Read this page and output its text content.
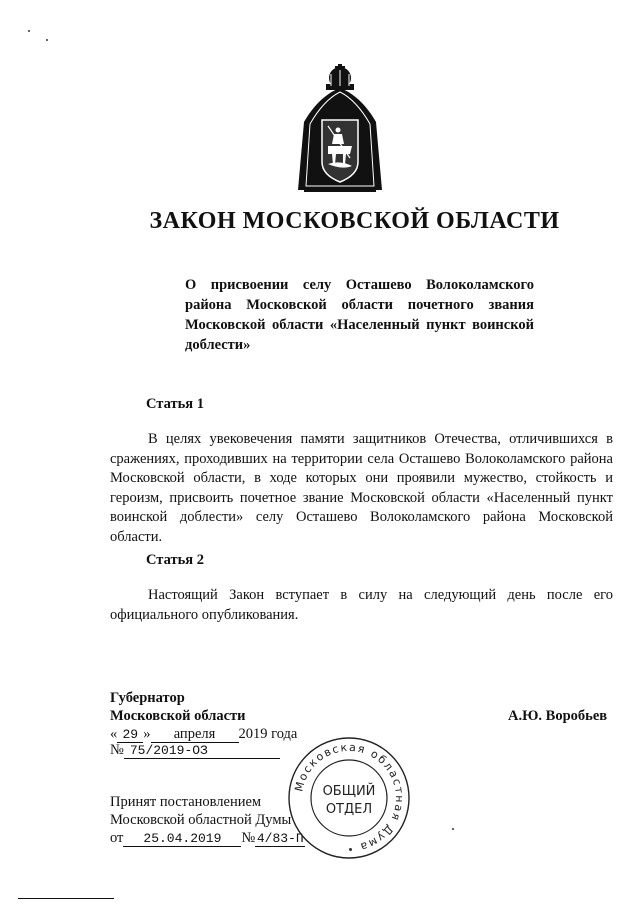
ЗАКОН МОСКОВСКОЙ ОБЛАСТИ
О присвоении селу Осташево Волоколамского района Московской области почетного звания Московской области «Населенный пункт воинской доблести»
Статья 1
В целях увековечения памяти защитников Отечества, отличившихся в сражениях, проходивших на территории села Осташево Волоколамского района Московской области, в ходе которых они проявили мужество, стойкость и героизм, присвоить почетное звание Московской области «Населенный пункт воинской доблести» селу Осташево Волоколамского района Московской области.
Статья 2
Настоящий Закон вступает в силу на следующий день после его официального опубликования.
Губернатор
Московской области	А.Ю. Воробьев
« 29 » апреля 2019 года
№ 75/2019-ОЗ
Принят постановлением
Московской областной Думы
от 25.04.2019 № 4/83-П
Московская областная Дума
ОБЩИЙ
ОТДЕЛ
